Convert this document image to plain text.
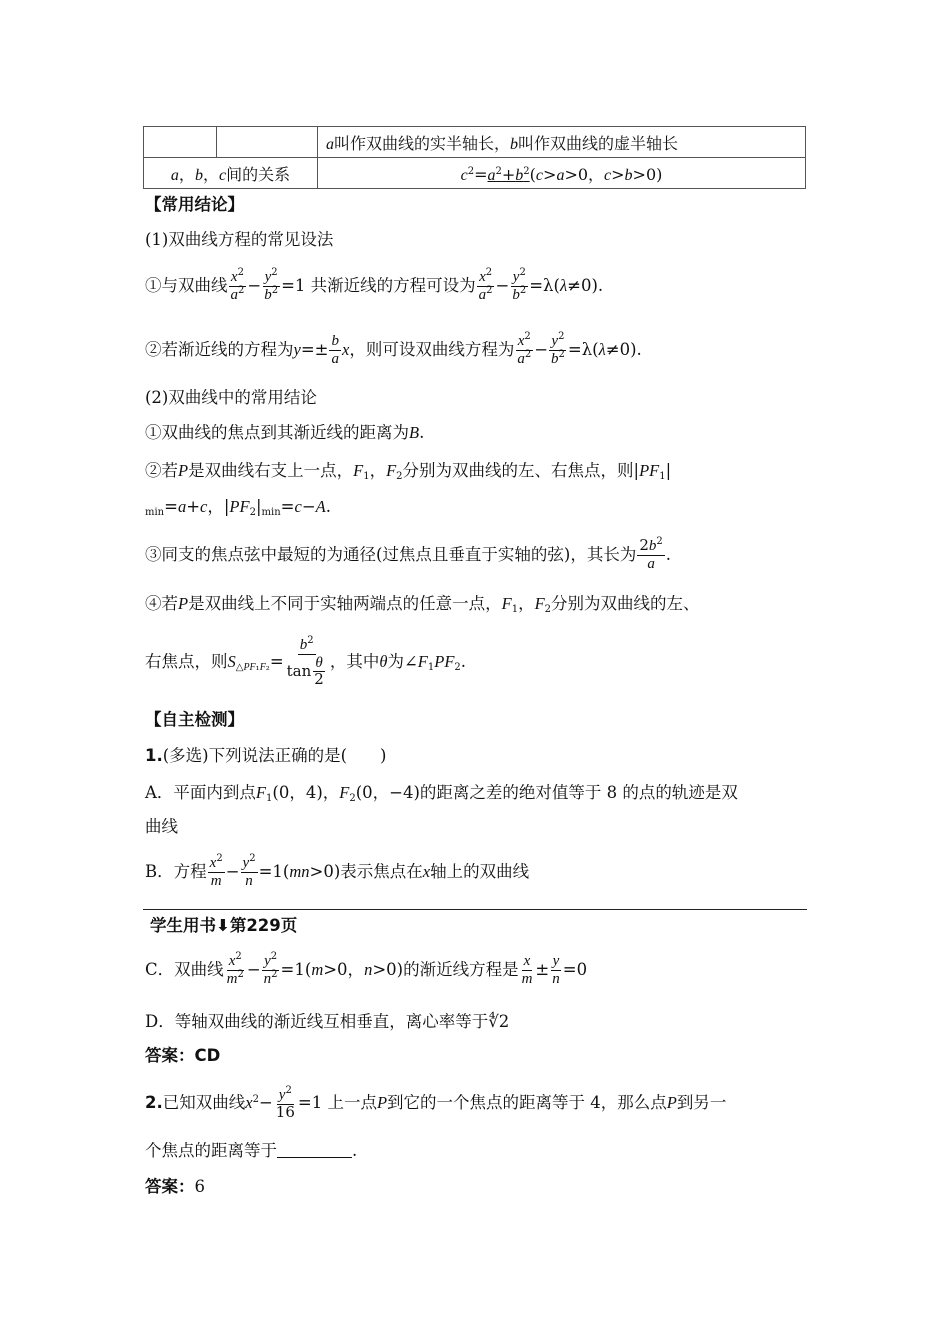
		a叫作双曲线的实半轴长，b叫作双曲线的虚半轴长
a，b，c间的关系		$c^2=a^2+b^2(c>a>0$，c>b>0)
【常用结论】
(1)双曲线方程的常见设法
①与双曲线 $\frac{x^2}{a^2} - \frac{y^2}{b^2} =1$ 共渐近线的方程可设为 $\frac{x^2}{a^2} - \frac{y^2}{b^2} =\lambda(\lambda\ne 0)$.
②若渐近线的方程为$y=\pm \frac{b}{a}$ x，则可设双曲线方程为 $\frac{x^2}{a^2} - \frac{y^2}{b^2} =\lambda(\lambda\ne 0)$.
(2)双曲线中的常用结论
①双曲线的焦点到其渐近线的距离为B.
②若P是双曲线右支上一点，$F_1$，$F_2$分别为双曲线的左、右焦点，则$|PF_1|$
$_{min}$=a+c，$|PF_2|_{min}=c-A$.
③同支的焦点弦中最短的为通径(过焦点且垂直于实轴的弦)，其长为 $\frac{2b^2}{a}$ .
④若P是双曲线上不同于实轴两端点的任意一点，$F_1$，$F_2$分别为双曲线的左、
右焦点，则$S_{\triangle PF_1F_2}= \frac{b^2}{\tan \frac{\theta}{2}}$ ，其中θ为$\angle F_1PF_2$.
【自主检测】
1.(多选)下列说法正确的是(　　)
A．平面内到点$F_1(0$，4)，$F_2(0$，−4)的距离之差的绝对值等于 8 的点的轨迹是双
曲线
B．方程 $\frac{x^2}{m} - \frac{y^2}{n} =1(mn>0)$表示焦点在x轴上的双曲线
学生用书⬇第229页
C．双曲线 $\frac{x^2}{m^2} - \frac{y^2}{n^2} =1(m>0$，n>0)的渐近线方程是 $\frac{x}{m} \pm \frac{y}{n} =0$
D．等轴双曲线的渐近线互相垂直，离心率等于∜2
答案：CD
2.已知双曲线$x^2- \frac{y^2}{16} =1$ 上一点P到它的一个焦点的距离等于 4，那么点P到另一
个焦点的距离等于	.
答案：6
